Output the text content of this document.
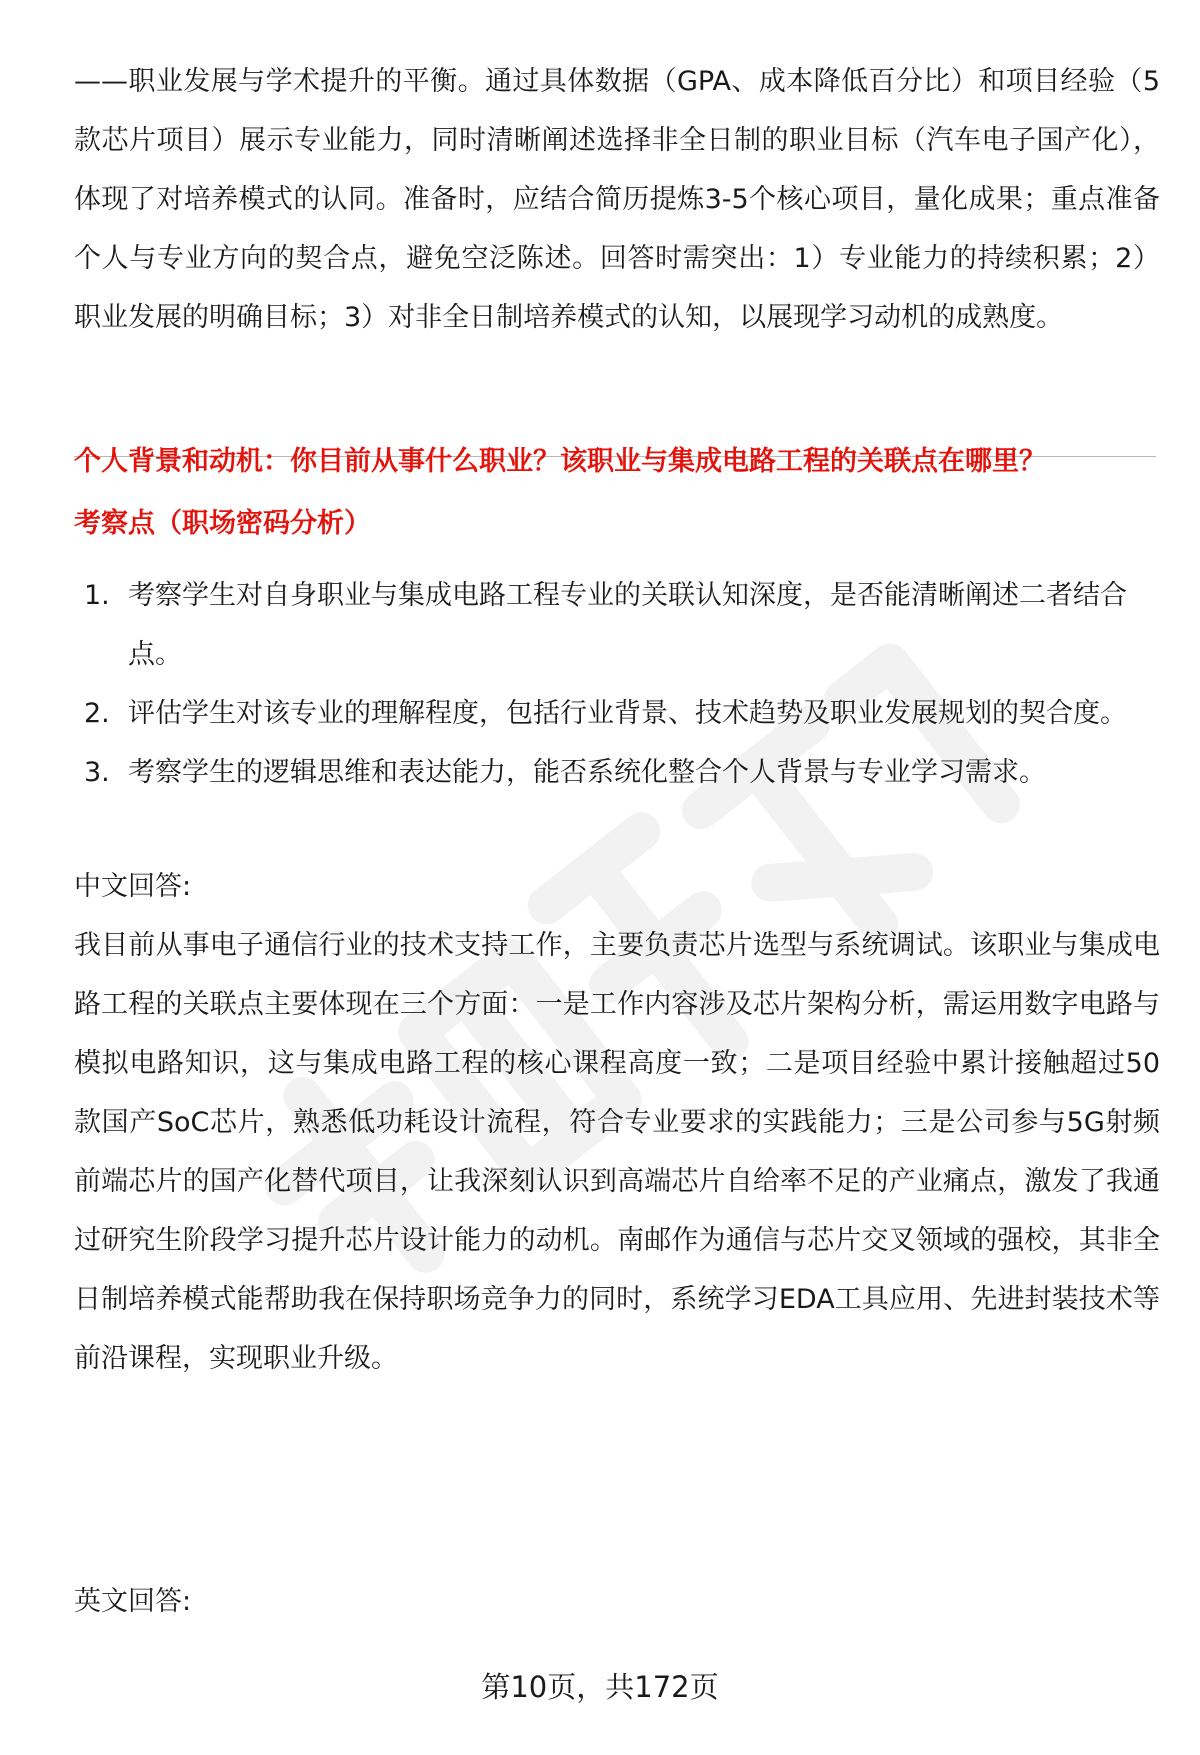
——职业发展与学术提升的平衡。通过具体数据（GPA、成本降低百分比）和项目经验（5款芯片项目）展示专业能力，同时清晰阐述选择非全日制的职业目标（汽车电子国产化），体现了对培养模式的认同。准备时，应结合简历提炼3-5个核心项目，量化成果；重点准备个人与专业方向的契合点，避免空泛陈述。回答时需突出：1）专业能力的持续积累；2）职业发展的明确目标；3）对非全日制培养模式的认知，以展现学习动机的成熟度。

个人背景和动机：你目前从事什么职业？该职业与集成电路工程的关联点在哪里？

考察点（职场密码分析）

1. 考察学生对自身职业与集成电路工程专业的关联认知深度，是否能清晰阐述二者结合点。
2. 评估学生对该专业的理解程度，包括行业背景、技术趋势及职业发展规划的契合度。
3. 考察学生的逻辑思维和表达能力，能否系统化整合个人背景与专业学习需求。

中文回答:

我目前从事电子通信行业的技术支持工作，主要负责芯片选型与系统调试。该职业与集成电路工程的关联点主要体现在三个方面：一是工作内容涉及芯片架构分析，需运用数字电路与模拟电路知识，这与集成电路工程的核心课程高度一致；二是项目经验中累计接触超过50款国产SoC芯片，熟悉低功耗设计流程，符合专业要求的实践能力；三是公司参与5G射频前端芯片的国产化替代项目，让我深刻认识到高端芯片自给率不足的产业痛点，激发了我通过研究生阶段学习提升芯片设计能力的动机。南邮作为通信与芯片交叉领域的强校，其非全日制培养模式能帮助我在保持职场竞争力的同时，系统学习EDA工具应用、先进封装技术等前沿课程，实现职业升级。

英文回答:

第10页，共172页
